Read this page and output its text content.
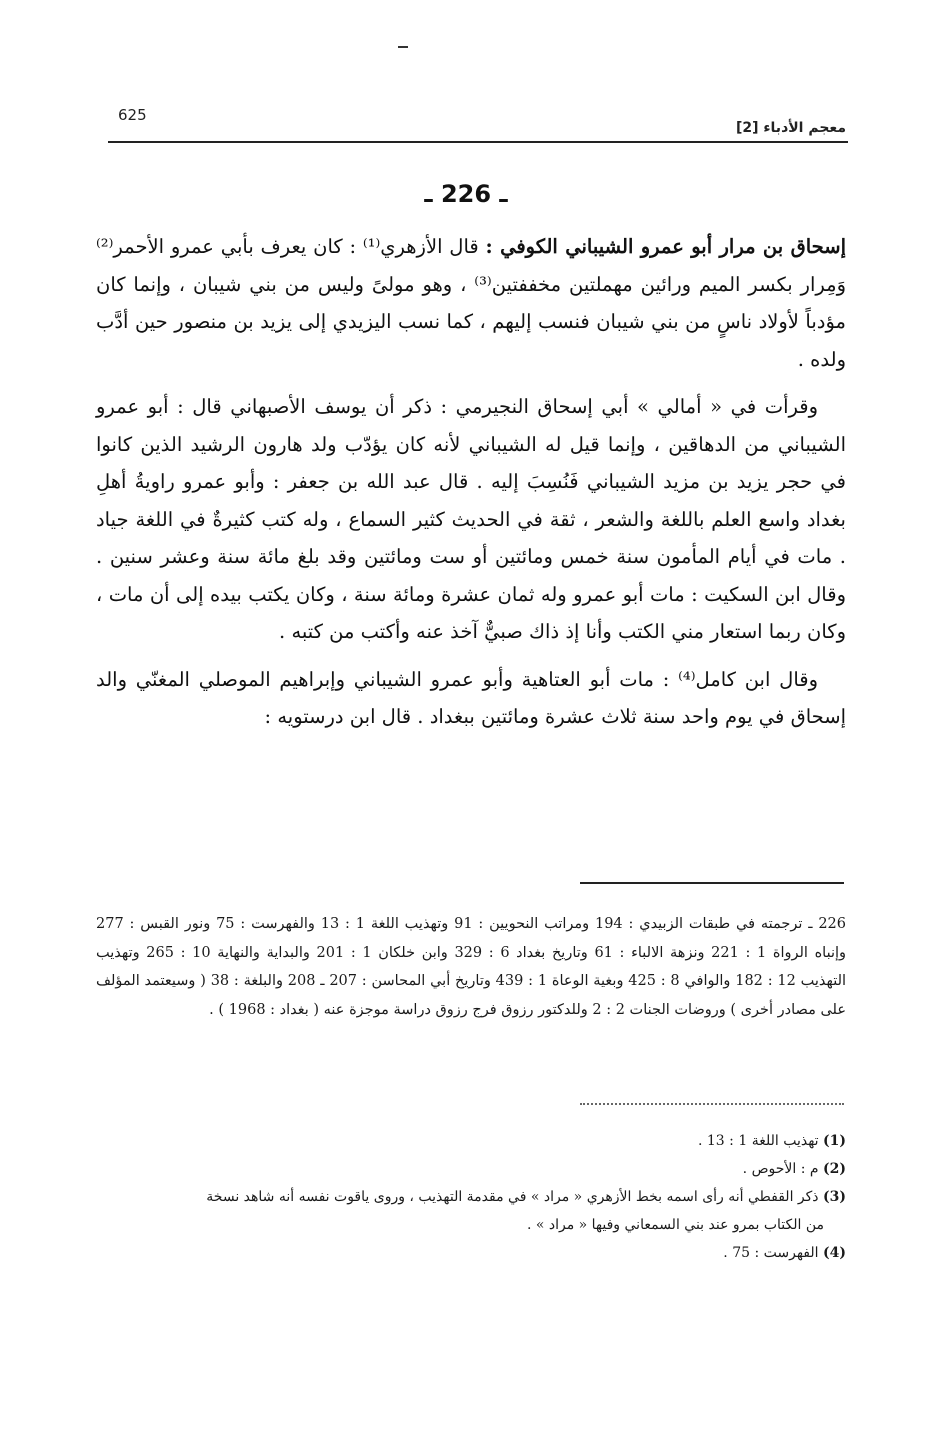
625
معجم الأدباء [2]
ـ 226 ـ

إسحاق بن مرار أبو عمرو الشيباني الكوفي : قال الأزهري⁽¹⁾ : كان يعرف بأبي عمرو الأحمر⁽²⁾ وَمِرار بكسر الميم ورائين مهملتين مخففتين⁽³⁾ ، وهو مولىً وليس من بني شيبان ، وإنما كان مؤدباً لأولاد ناسٍ من بني شيبان فنسب إليهم ، كما نسب اليزيدي إلى يزيد بن منصور حين أدَّب ولده .

وقرأت في « أمالي » أبي إسحاق النجيرمي : ذكر أن يوسف الأصبهاني قال : أبو عمرو الشيباني من الدهاقين ، وإنما قيل له الشيباني لأنه كان يؤدّب ولد هارون الرشيد الذين كانوا في حجر يزيد بن مزيد الشيباني فَنُسِبَ إليه . قال عبد الله بن جعفر : وأبو عمرو راويةُ أهلِ بغداد واسع العلم باللغة والشعر ، ثقة في الحديث كثير السماع ، وله كتب كثيرةٌ في اللغة جياد . مات في أيام المأمون سنة خمس ومائتين أو ست ومائتين وقد بلغ مائة سنة وعشر سنين . وقال ابن السكيت : مات أبو عمرو وله ثمان عشرة ومائة سنة ، وكان يكتب بيده إلى أن مات ، وكان ربما استعار مني الكتب وأنا إذ ذاك صبيٌّ آخذ عنه وأكتب من كتبه .

وقال ابن كامل⁽⁴⁾ : مات أبو العتاهية وأبو عمرو الشيباني وإبراهيم الموصلي المغنّي والد إسحاق في يوم واحد سنة ثلاث عشرة ومائتين ببغداد . قال ابن درستويه :

226 ـ ترجمته في طبقات الزبيدي : 194 ومراتب النحويين : 91 وتهذيب اللغة 1 : 13 والفهرست : 75 ونور القبس : 277 وإنباه الرواة 1 : 221 ونزهة الالباء : 61 وتاريخ بغداد 6 : 329 وابن خلكان 1 : 201 والبداية والنهاية 10 : 265 وتهذيب التهذيب 12 : 182 والوافي 8 : 425 وبغية الوعاة 1 : 439 وتاريخ أبي المحاسن : 207 ـ 208 والبلغة : 38 ( وسيعتمد المؤلف على مصادر أخرى ) وروضات الجنات 2 : 2 وللدكتور رزوق فرج رزوق دراسة موجزة عنه ( بغداد : 1968 ) .

(1) تهذيب اللغة 1 : 13 .

(2) م : الأحوص .

(3) ذكر القفطي أنه رأى اسمه بخط الأزهري « مراد » في مقدمة التهذيب ، وروى ياقوت نفسه أنه شاهد نسخة

من الكتاب بمرو عند بني السمعاني وفيها « مراد » .

(4) الفهرست : 75 .
